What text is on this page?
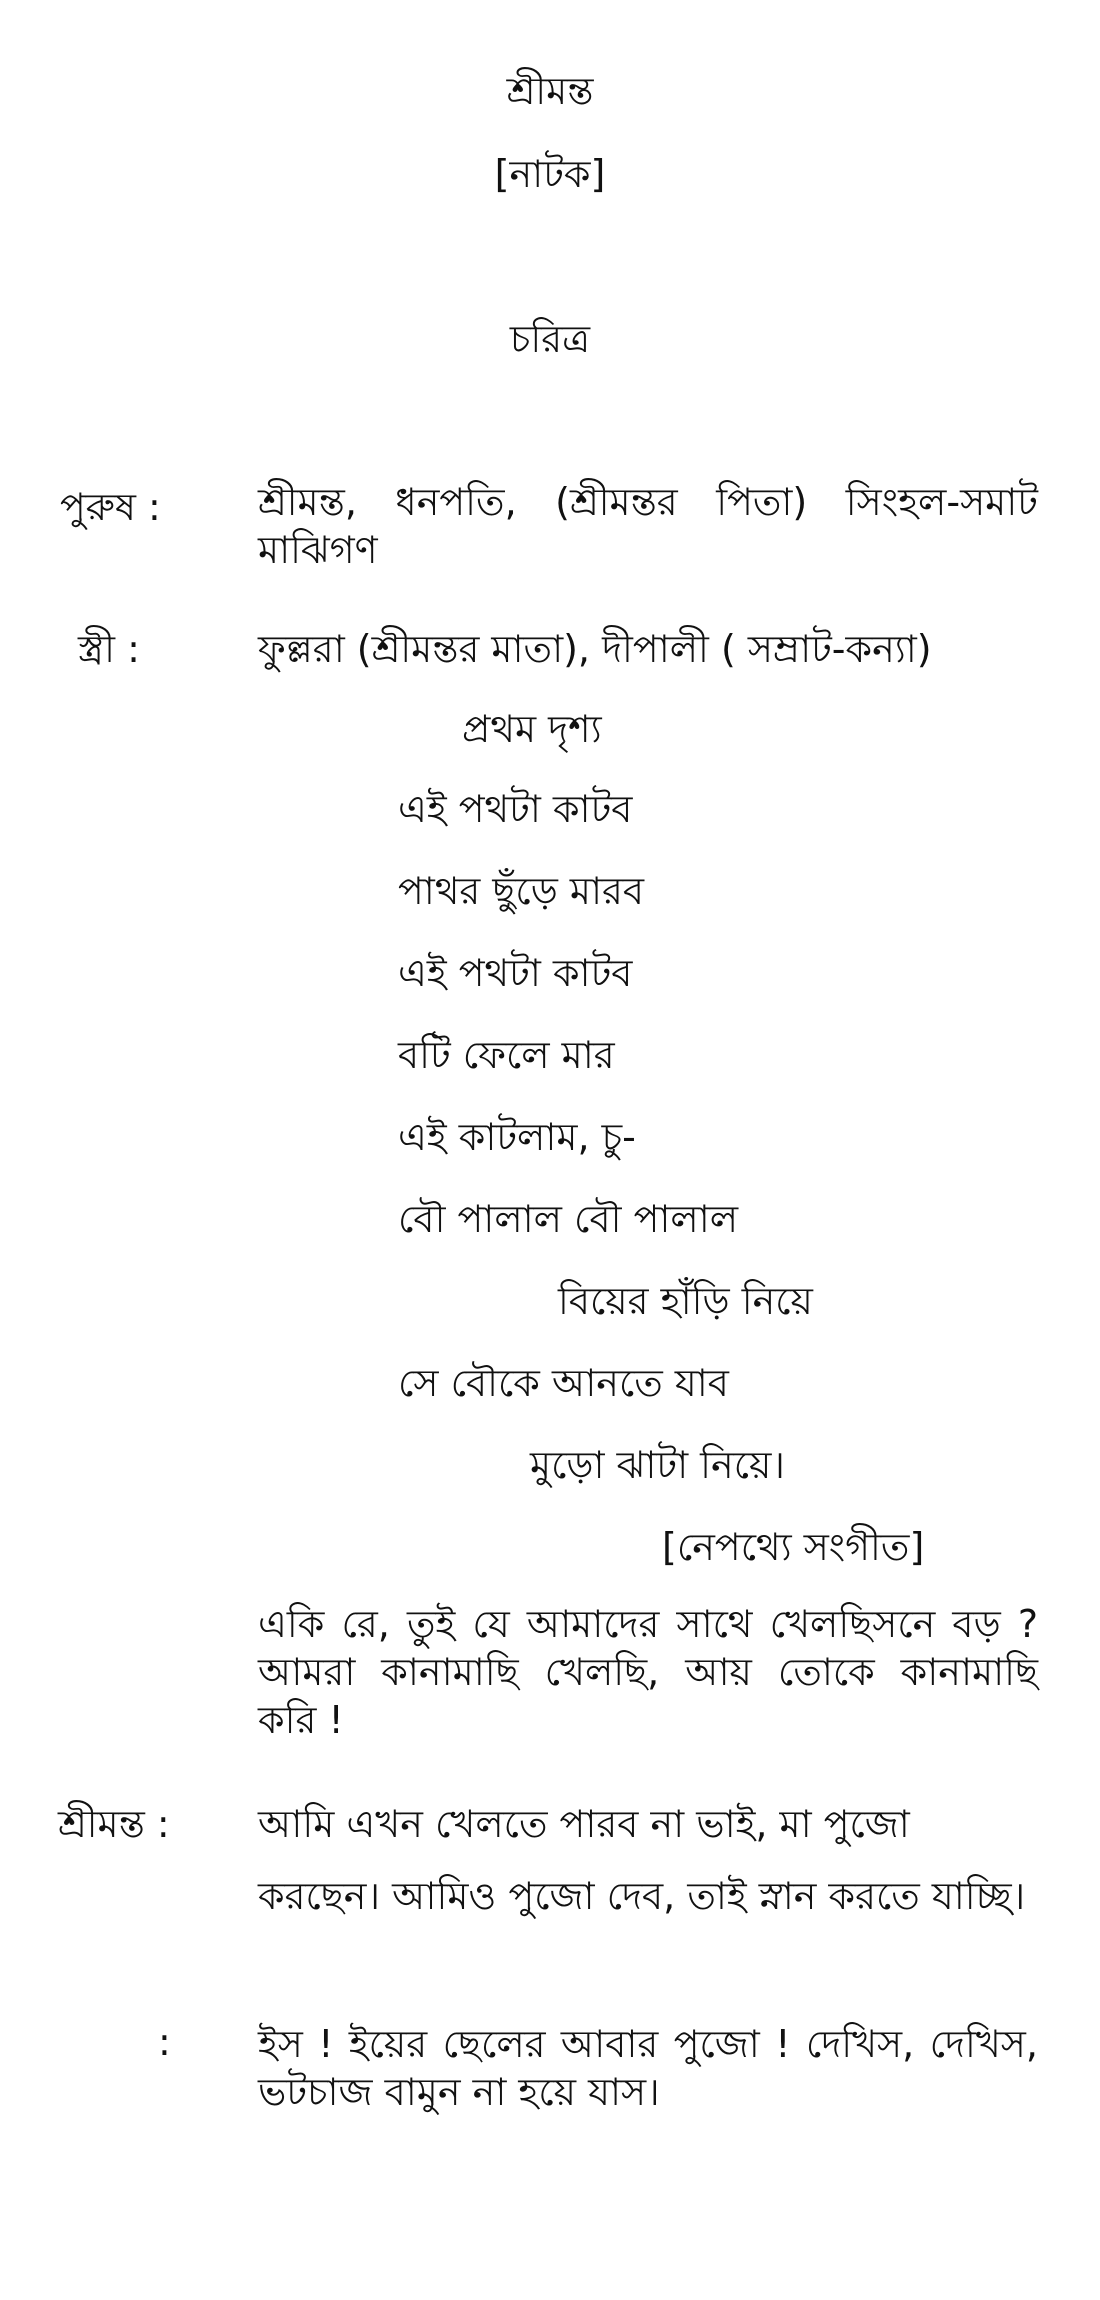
শ্রীমন্ত
[নাটক]
চরিত্র
পুরুষ :	শ্রীমন্ত, ধনপতি, (শ্রীমন্তর পিতা) সিংহল-সমাট মাঝিগণ
স্ত্রী :	ফুল্লরা (শ্রীমন্তর মাতা), দীপালী ( সম্রাট-কন্যা)
প্রথম দৃশ্য
এই পথটা কাটব
পাথর ছুঁড়ে মারব
এই পথটা কাটব
বটি ফেলে মার
এই কাটলাম, চু-
বৌ পালাল বৌ পালাল
বিয়ের হাঁড়ি নিয়ে
সে বৌকে আনতে যাব
মুড়ো ঝাটা নিয়ে।
[নেপথ্যে সংগীত]
একি রে, তুই যে আমাদের সাথে খেলছিসনে বড় ? আমরা কানামাছি খেলছি, আয় তোকে কানামাছি করি !
শ্রীমন্ত : আমি এখন খেলতে পারব না ভাই, মা পুজো
করছেন। আমিও পুজো দেব, তাই স্নান করতে যাচ্ছি।
: ইস ! ইয়ের ছেলের আবার পুজো ! দেখিস, দেখিস, ভটচাজ বামুন না হয়ে যাস।
